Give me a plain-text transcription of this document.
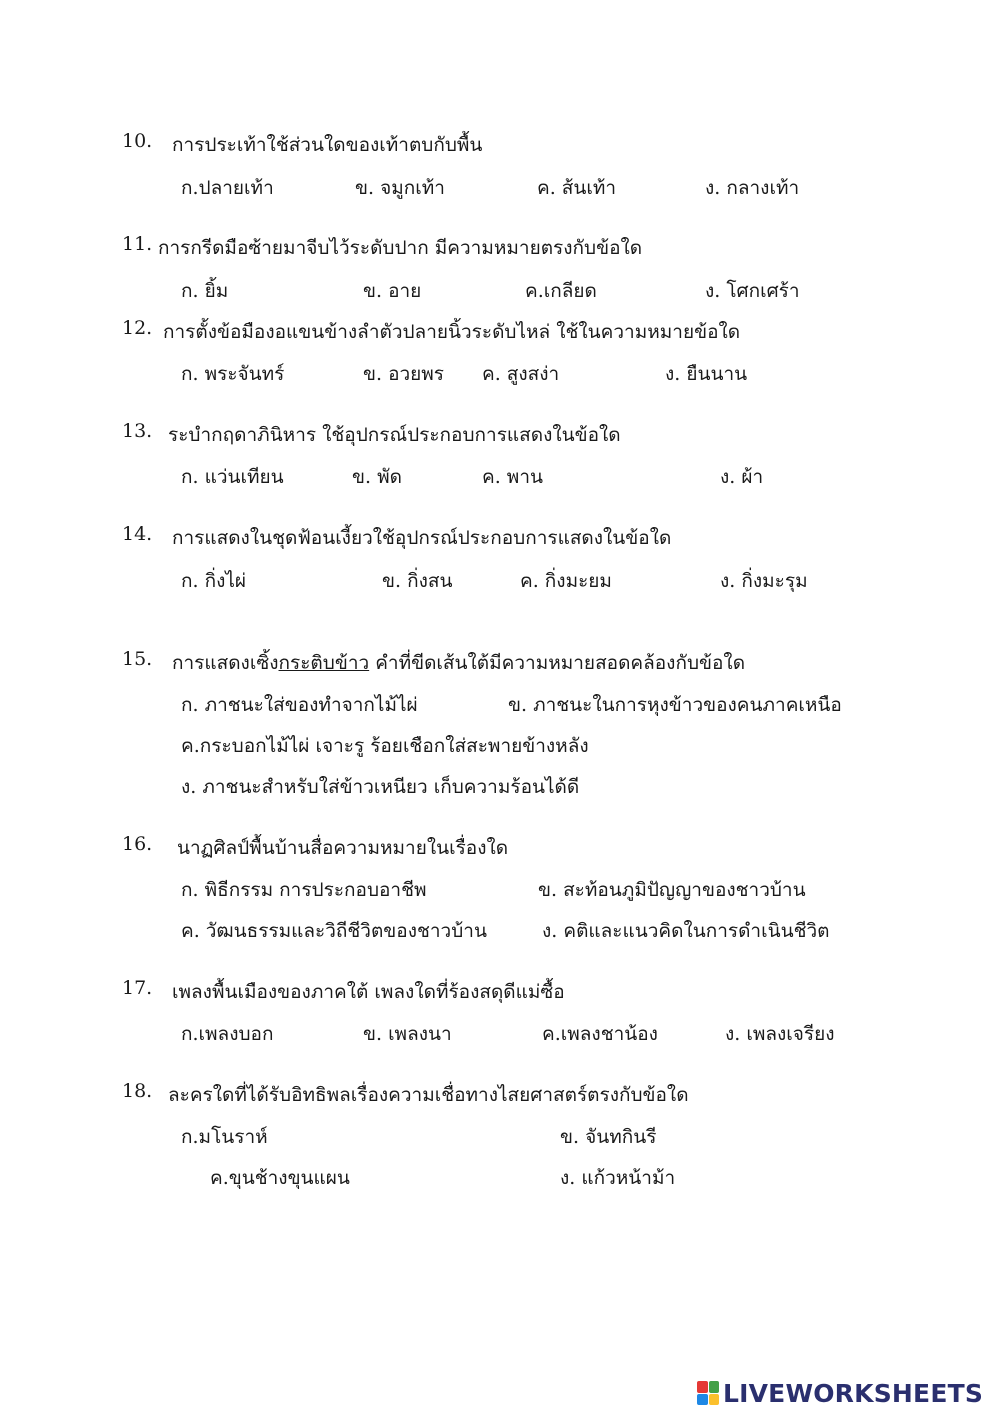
10. การประเท้าใช้ส่วนใดของเท้าตบกับพื้น
ก.ปลายเท้า	ข. จมูกเท้า	ค. ส้นเท้า	ง. กลางเท้า
11. การกรีดมือซ้ายมาจีบไว้ระดับปาก มีความหมายตรงกับข้อใด
ก. ยิ้ม	ข. อาย	ค.เกลียด	ง. โศกเศร้า
12. การตั้งข้อมืองอแขนข้างลำตัวปลายนิ้วระดับไหล่ ใช้ในความหมายข้อใด
ก. พระจันทร์	ข. อวยพร ค. สูงสง่า	ง. ยืนนาน
13. ระบำกฤดาภินิหาร ใช้อุปกรณ์ประกอบการแสดงในข้อใด
ก. แว่นเทียน	ข. พัด	ค. พาน	ง. ผ้า
14. การแสดงในชุดฟ้อนเงี้ยวใช้อุปกรณ์ประกอบการแสดงในข้อใด
ก. กิ่งไผ่	ข. กิ่งสน	ค. กิ่งมะยม	ง. กิ่งมะรุม
15. การแสดงเซิ้งกระติบข้าว คำที่ขีดเส้นใต้มีความหมายสอดคล้องกับข้อใด
ก. ภาชนะใส่ของทำจากไม้ไผ่	ข. ภาชนะในการหุงข้าวของคนภาคเหนือ
ค.กระบอกไม้ไผ่ เจาะรู ร้อยเชือกใส่สะพายข้างหลัง
ง. ภาชนะสำหรับใส่ข้าวเหนียว เก็บความร้อนได้ดี
16. นาฏศิลป์พื้นบ้านสื่อความหมายในเรื่องใด
ก. พิธีกรรม การประกอบอาชีพ	ข. สะท้อนภูมิปัญญาของชาวบ้าน
ค. วัฒนธรรมและวิถีชีวิตของชาวบ้าน	ง. คติและแนวคิดในการดำเนินชีวิต
17. เพลงพื้นเมืองของภาคใต้ เพลงใดที่ร้องสดุดีแม่ซื้อ
ก.เพลงบอก	ข. เพลงนา	ค.เพลงชาน้อง	ง. เพลงเจรียง
18. ละครใดที่ได้รับอิทธิพลเรื่องความเชื่อทางไสยศาสตร์ตรงกับข้อใด
ก.มโนราห์	ข. จันทกินรี
ค.ขุนช้างขุนแผน	ง. แก้วหน้าม้า
LIVEWORKSHEETS
